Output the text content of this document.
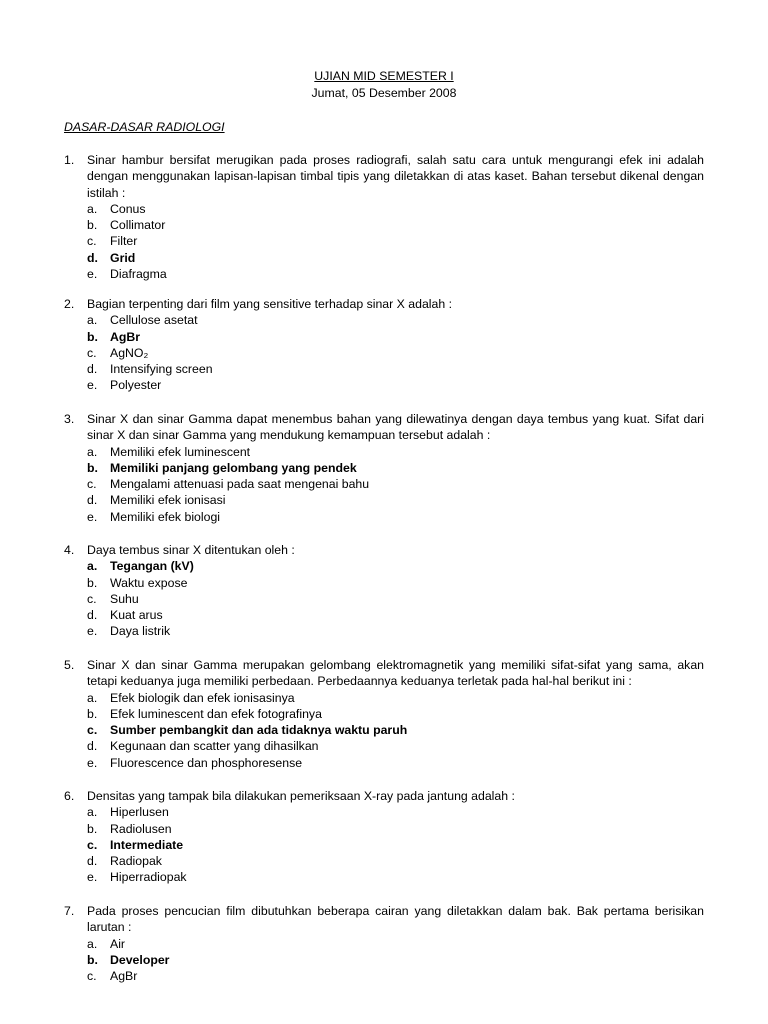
UJIAN MID SEMESTER I
Jumat, 05 Desember 2008
DASAR-DASAR RADIOLOGI
1.	Sinar hambur bersifat merugikan pada proses radiografi, salah satu cara untuk mengurangi efek ini adalah dengan menggunakan lapisan-lapisan timbal tipis yang diletakkan di atas kaset. Bahan tersebut dikenal dengan istilah :
a.	Conus
b.	Collimator
c.	Filter
d. Grid
e.	Diafragma
2.	Bagian terpenting dari film yang sensitive terhadap sinar X adalah :
a.	Cellulose asetat
b. AgBr
c.	AgNO₂
d.	Intensifying screen
e.	Polyester
3.	Sinar X dan sinar Gamma dapat menembus bahan yang dilewatinya dengan daya tembus yang kuat. Sifat dari sinar X dan sinar Gamma yang mendukung kemampuan tersebut adalah :
a.	Memiliki efek luminescent
b. Memiliki panjang gelombang yang pendek
c.	Mengalami attenuasi pada saat mengenai bahu
d.	Memiliki efek ionisasi
e.	Memiliki efek biologi
4.	Daya tembus sinar X ditentukan oleh :
a.	Tegangan (kV)
b.	Waktu expose
c.	Suhu
d.	Kuat arus
e.	Daya listrik
5.	Sinar X dan sinar Gamma merupakan gelombang elektromagnetik yang memiliki sifat-sifat yang sama, akan tetapi keduanya juga memiliki perbedaan. Perbedaannya keduanya terletak pada hal-hal berikut ini :
a.	Efek biologik dan efek ionisasinya
b.	Efek luminescent dan efek fotografinya
c.	Sumber pembangkit dan ada tidaknya waktu paruh
d.	Kegunaan dan scatter yang dihasilkan
e.	Fluorescence dan phosphoresense
6.	Densitas yang tampak bila dilakukan pemeriksaan X-ray pada jantung adalah :
a.	Hiperlusen
b.	Radiolusen
c.	Intermediate
d.	Radiopak
e.	Hiperradiopak
7.	Pada proses pencucian film dibutuhkan beberapa cairan yang diletakkan dalam bak. Bak pertama berisikan larutan :
a.	Air
b. Developer
c.	AgBr
